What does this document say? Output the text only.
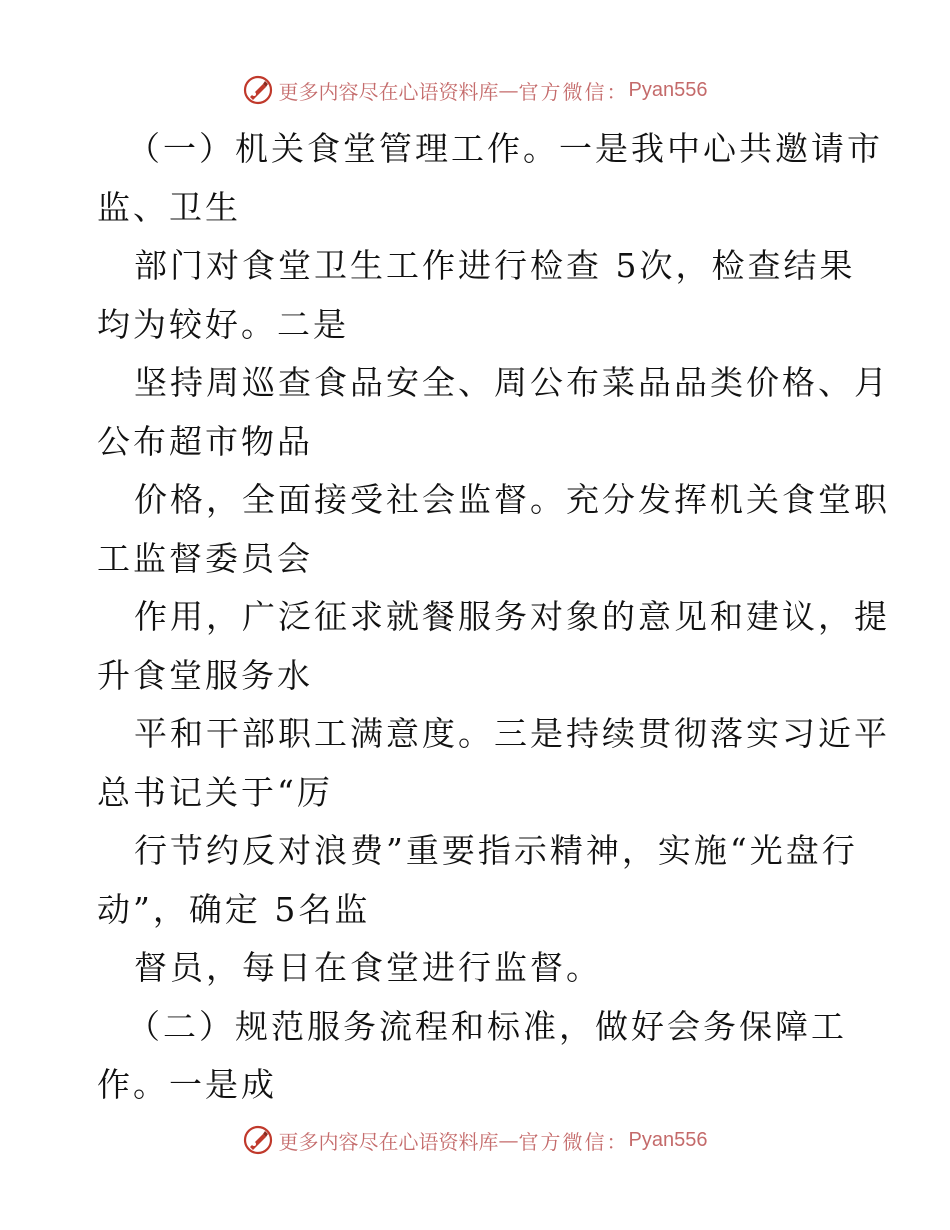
更多内容尽在心语资料库 — 官方微信： Pyan556
（一）机关食堂管理工作。一是我中心共邀请市
监、卫生
部门对食堂卫生工作进行检查 5次，检查结果
均为较好。二是
坚持周巡查食品安全、周公布菜品品类价格、月
公布超市物品
价格，全面接受社会监督。充分发挥机关食堂职
工监督委员会
作用，广泛征求就餐服务对象的意见和建议，提
升食堂服务水
平和干部职工满意度。三是持续贯彻落实习近平
总书记关于“厉
行节约反对浪费”重要指示精神，实施“光盘行
动”，确定 5名监
督员，每日在食堂进行监督。
（二）规范服务流程和标准，做好会务保障工
作。一是成
更多内容尽在心语资料库 — 官方微信： Pyan556
